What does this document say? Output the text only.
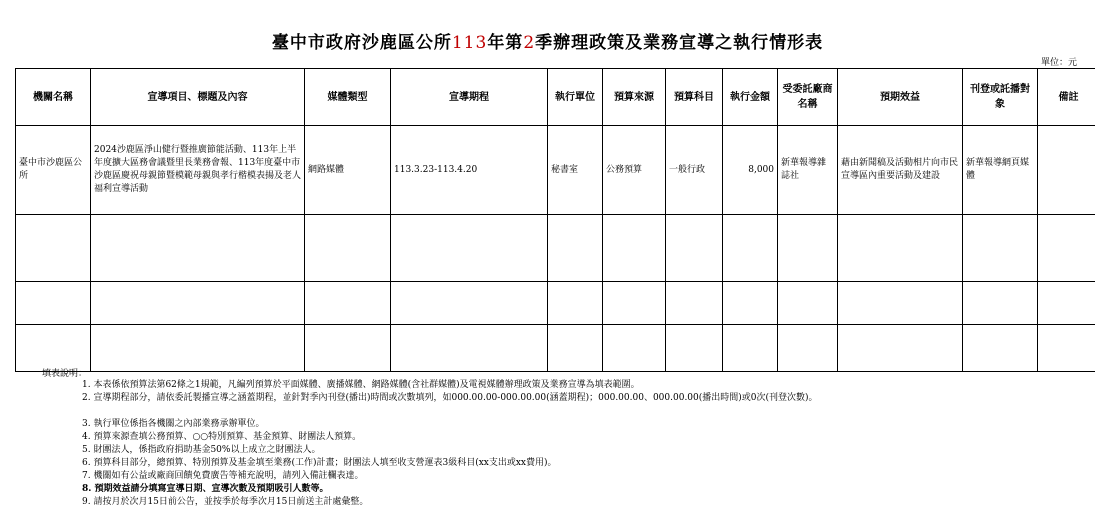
臺中市政府沙鹿區公所113年第2季辦理政策及業務宣導之執行情形表
單位：元
機關名稱	宣導項目、標題及內容	媒體類型	宣導期程	執行單位	預算來源	預算科目	執行金額	受委託廠商名稱	預期效益	刊登或託播對象	備註
臺中市沙鹿區公所	2024沙鹿區淨山健行暨推廣節能活動、113年上半年度擴大區務會議暨里長業務會報、113年度臺中市沙鹿區慶祝母親節暨模範母親與孝行楷模表揚及老人福利宣導活動	網路媒體	113.3.23-113.4.20	秘書室	公務預算	一般行政	8,000	新華報導雜誌社	藉由新聞稿及活動相片向市民宣導區內重要活動及建設	新華報導網頁媒體	

填表說明：
1. 本表係依預算法第62條之1規範，凡編列預算於平面媒體、廣播媒體、網路媒體(含社群媒體)及電視媒體辦理政策及業務宣導為填表範圍。
2. 宣導期程部分，請依委託製播宣導之涵蓋期程，並針對季內刊登(播出)時間或次數填列，如000.00.00-000.00.00(涵蓋期程)；000.00.00、000.00.00(播出時間)或0次(刊登次數)。
3. 執行單位係指各機關之內部業務承辦單位。
4. 預算來源查填公務預算、○○特別預算、基金預算、財團法人預算。
5. 財團法人，係指政府捐助基金50%以上成立之財團法人。
6. 預算科目部分，總預算、特別預算及基金填至業務(工作)計畫；財團法人填至收支營運表3級科目(xx支出或xx費用)。
7. 機關如有公益或廠商回饋免費廣告等補充說明，請列入備註欄表達。
8. 預期效益請分填寫宣導日期、宣導次數及預期吸引人數等。
9. 請按月於次月15日前公告，並按季於每季次月15日前送主計處彙整。
